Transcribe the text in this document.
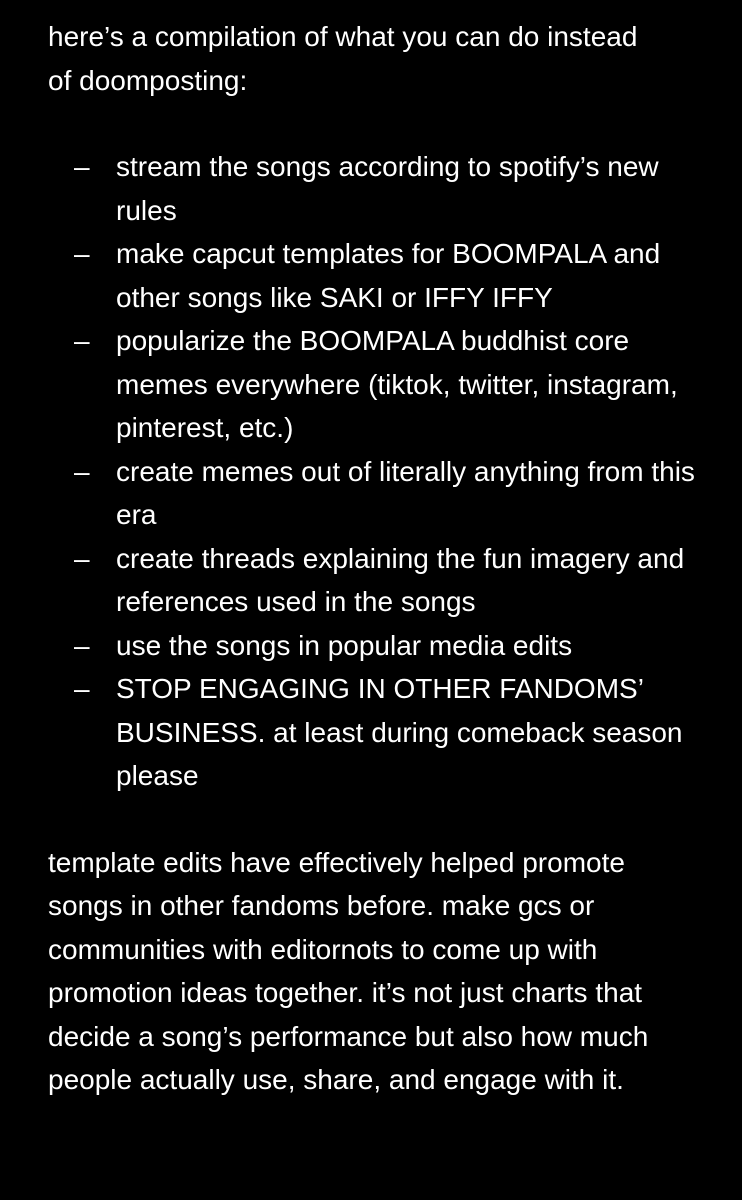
here’s a compilation of what you can do instead of doomposting:

– stream the songs according to spotify’s new rules
– make capcut templates for BOOMPALA and other songs like SAKI or IFFY IFFY
– popularize the BOOMPALA buddhist core memes everywhere (tiktok, twitter, instagram, pinterest, etc.)
– create memes out of literally anything from this era
– create threads explaining the fun imagery and references used in the songs
– use the songs in popular media edits
– STOP ENGAGING IN OTHER FANDOMS’ BUSINESS. at least during comeback season please

template edits have effectively helped promote songs in other fandoms before. make gcs or communities with editornots to come up with promotion ideas together. it’s not just charts that decide a song’s performance but also how much people actually use, share, and engage with it.
